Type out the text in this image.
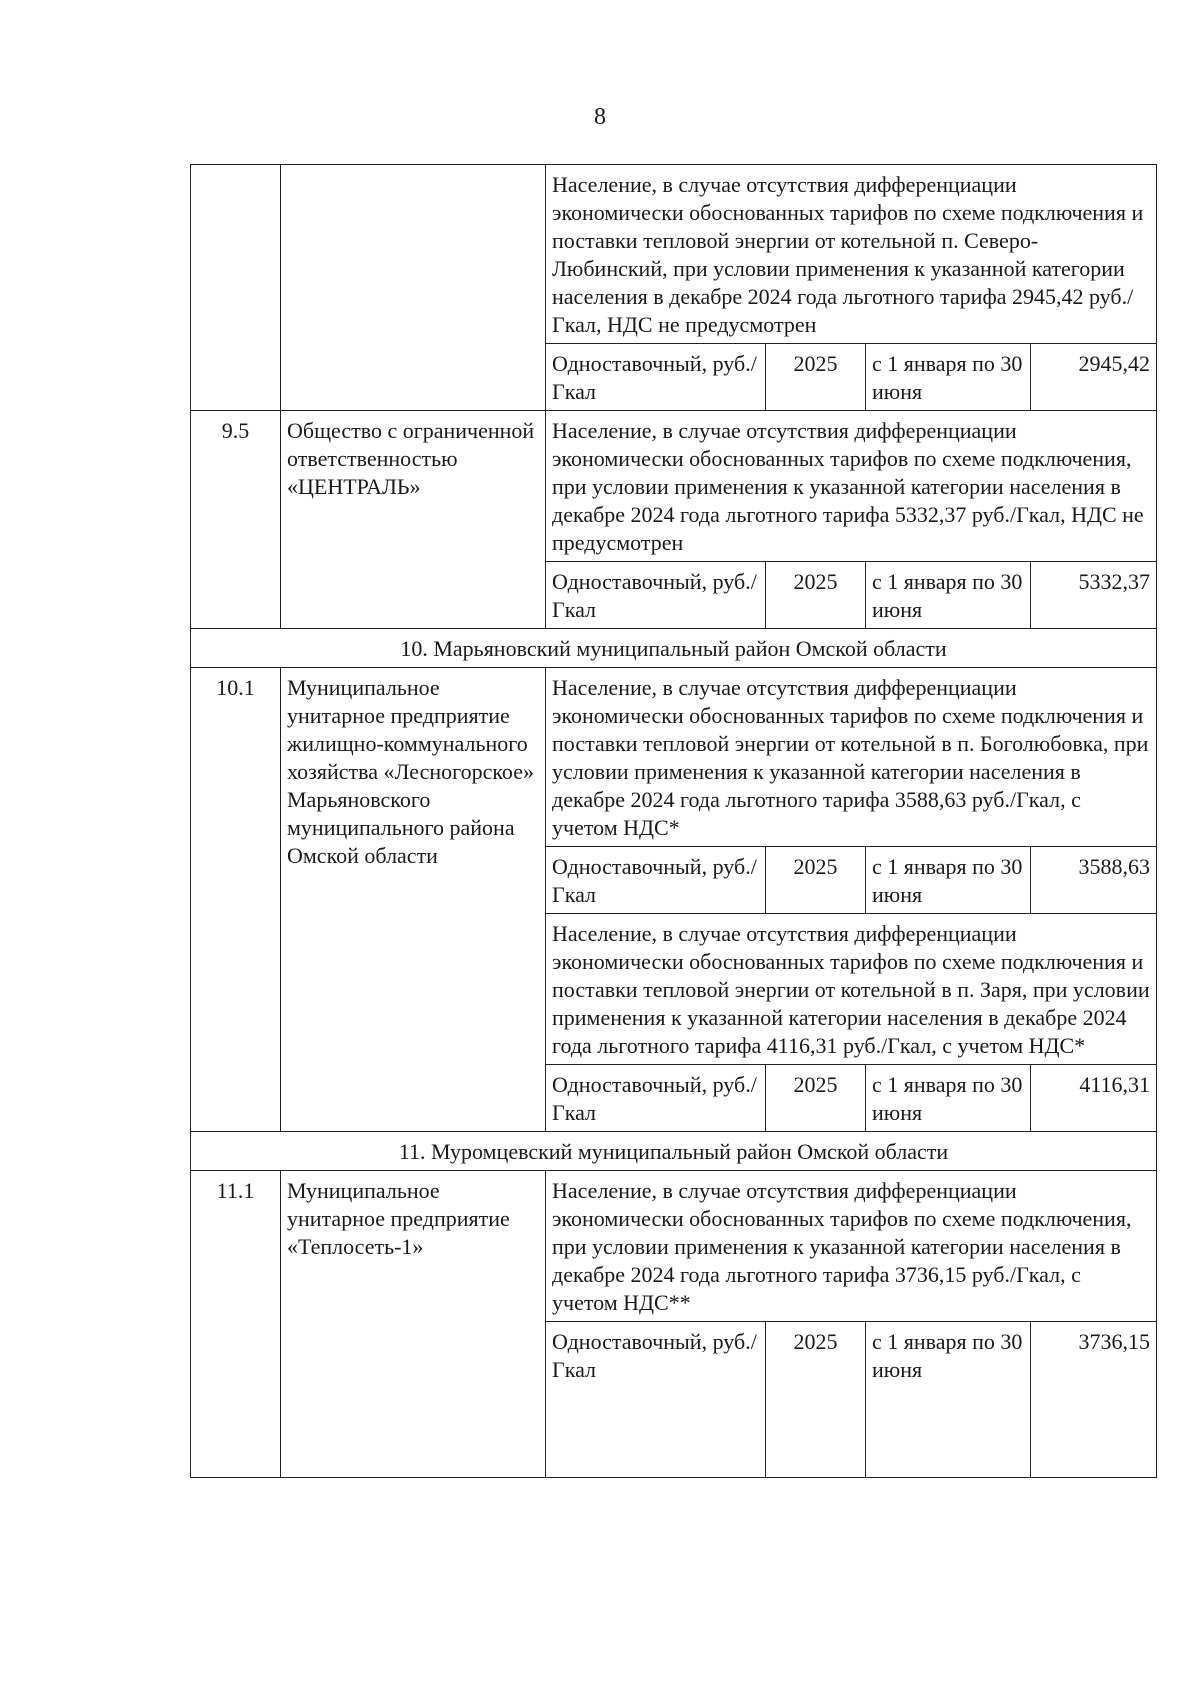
8
		Население, в случае отсутствия дифференциации экономически обоснованных тарифов по схеме подключения и поставки тепловой энергии от котельной п. Северо-Любинский, при условии применения к указанной категории населения в декабре 2024 года льготного тарифа 2945,42 руб./Гкал, НДС не предусмотрен			
		Одноставочный, руб./Гкал	2025	с 1 января по 30 июня	2945,42
9.5	Общество с ограниченной ответственностью «ЦЕНТРАЛЬ»	Население, в случае отсутствия дифференциации экономически обоснованных тарифов по схеме подключения, при условии применения к указанной категории населения в декабре 2024 года льготного тарифа 5332,37 руб./Гкал, НДС не предусмотрен			
		Одноставочный, руб./Гкал	2025	с 1 января по 30 июня	5332,37
10. Марьяновский муниципальный район Омской области					
10.1	Муниципальное унитарное предприятие жилищно-коммунального хозяйства «Лесногорское» Марьяновского муниципального района Омской области	Население, в случае отсутствия дифференциации экономически обоснованных тарифов по схеме подключения и поставки тепловой энергии от котельной в п. Боголюбовка, при условии применения к указанной категории населения в декабре 2024 года льготного тарифа 3588,63 руб./Гкал, с учетом НДС*			
		Одноставочный, руб./Гкал	2025	с 1 января по 30 июня	3588,63
		Население, в случае отсутствия дифференциации экономически обоснованных тарифов по схеме подключения и поставки тепловой энергии от котельной в п. Заря, при условии применения к указанной категории населения в декабре 2024 года льготного тарифа 4116,31 руб./Гкал, с учетом НДС*			
		Одноставочный, руб./Гкал	2025	с 1 января по 30 июня	4116,31
11. Муромцевский муниципальный район Омской области					
11.1	Муниципальное унитарное предприятие «Теплосеть-1»	Население, в случае отсутствия дифференциации экономически обоснованных тарифов по схеме подключения, при условии применения к указанной категории населения в декабре 2024 года льготного тарифа 3736,15 руб./Гкал, с учетом НДС**			
		Одноставочный, руб./Гкал	2025	с 1 января по 30 июня	3736,15
